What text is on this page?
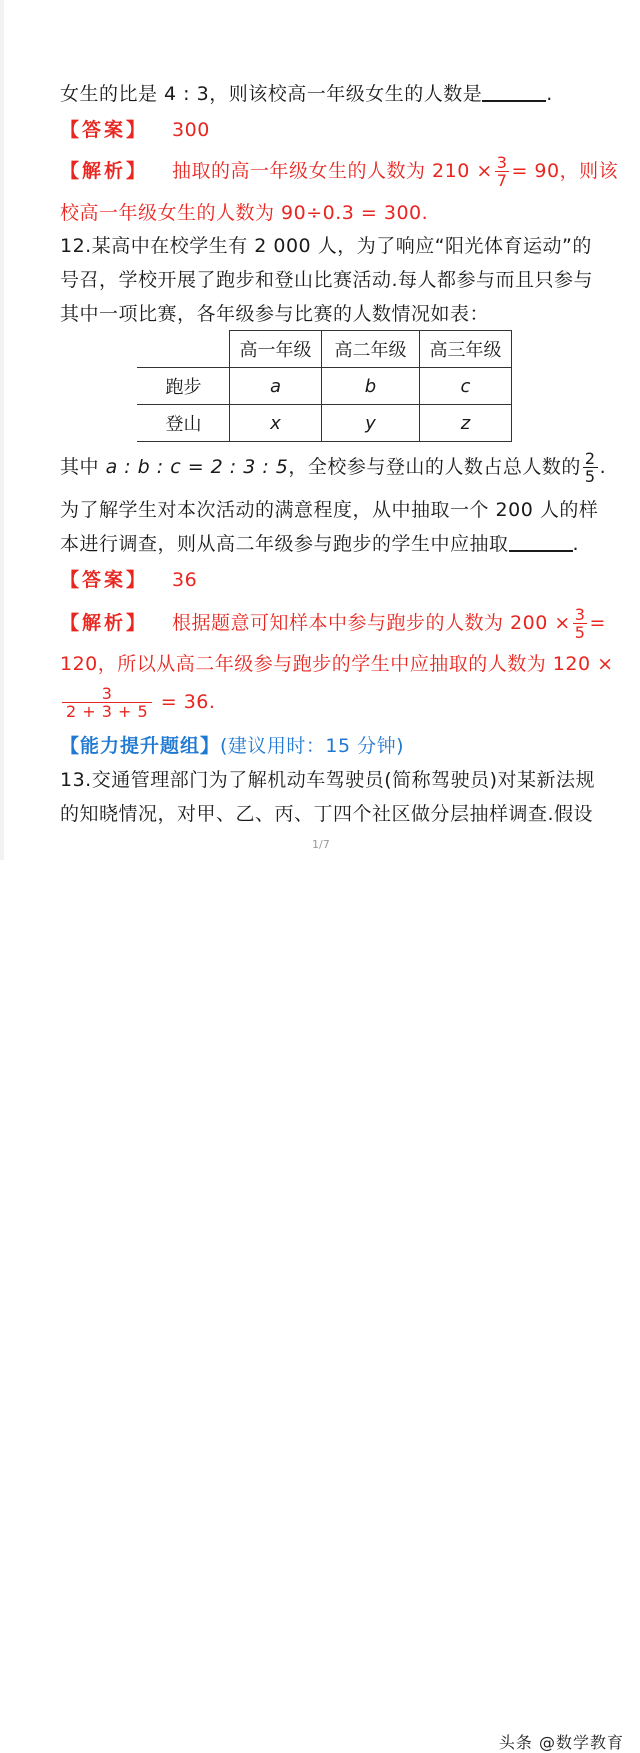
女生的比是 4 : 3，则该校高一年级女生的人数是	.
【答案】 300
【解析】 抽取的高一年级女生的人数为 $210 \times \frac{3}{7} = 90$，则该
校高一年级女生的人数为 90÷0.3 = 300.
12.某高中在校学生有 2 000 人，为了响应“阳光体育运动”的
号召，学校开展了跑步和登山比赛活动.每人都参与而且只参与
其中一项比赛，各年级参与比赛的人数情况如表：
	高一年级	高二年级	高三年级
跑步	a	b	c
登山	x	y	z
其中 a : b : c = 2 : 3 : 5，全校参与登山的人数占总人数的 $\frac{2}{5}$ .
为了解学生对本次活动的满意程度，从中抽取一个 200 人的样
本进行调查，则从高二年级参与跑步的学生中应抽取	.
【答案】 36
【解析】 根据题意可知样本中参与跑步的人数为 $200 \times \frac{3}{5}$ =
120，所以从高二年级参与跑步的学生中应抽取的人数为 120 ×
$\frac{3}{2 + 3 + 5} = 36$.
【能力提升题组】(建议用时：15 分钟)
13.交通管理部门为了解机动车驾驶员(简称驾驶员)对某新法规
的知晓情况，对甲、乙、丙、丁四个社区做分层抽样调查.假设
1/7
头条 @数学教育
